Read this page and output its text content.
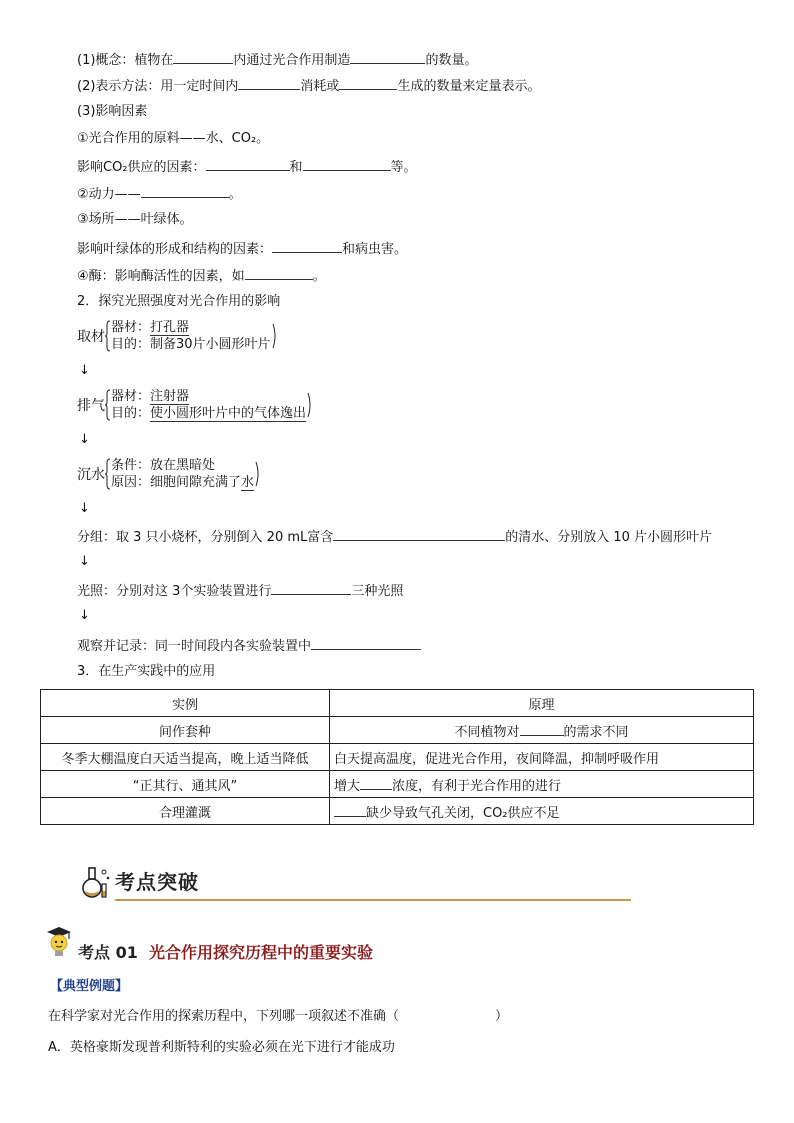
(1)概念：植物在	内通过光合作用制造	的数量。
(2)表示方法：用一定时间内	消耗或	生成的数量来定量表示。
(3)影响因素
①光合作用的原料——水、CO₂。
影响CO₂供应的因素：	和	等。
②动力——	。
③场所——叶绿体。
影响叶绿体的形成和结构的因素：	和病虫害。
④酶：影响酶活性的因素，如	。
2．探究光照强度对光合作用的影响
取材
器材：打孔器
目的：制备30片小圆形叶片
↓
排气
器材：注射器
目的：使小圆形叶片中的气体逸出
↓
沉水
条件：放在黑暗处
原因：细胞间隙充满了水
↓
分组：取 3 只小烧杯，分别倒入 20 mL富含	的清水、分别放入 10 片小圆形叶片
↓
光照：分别对这 3个实验装置进行	三种光照
↓
观察并记录：同一时间段内各实验装置中
3．在生产实践中的应用
实例	原理
间作套种	不同植物对 的需求不同
冬季大棚温度白天适当提高，晚上适当降低	白天提高温度，促进光合作用，夜间降温，抑制呼吸作用
“正其行、通其风”	增大 浓度，有利于光合作用的进行
合理灌溉	缺少导致气孔关闭，CO₂供应不足
考点突破
考点 01 光合作用探究历程中的重要实验
【典型例题】
在科学家对光合作用的探索历程中，下列哪一项叙述不准确（	）
A．英格豪斯发现普利斯特利的实验必须在光下进行才能成功
